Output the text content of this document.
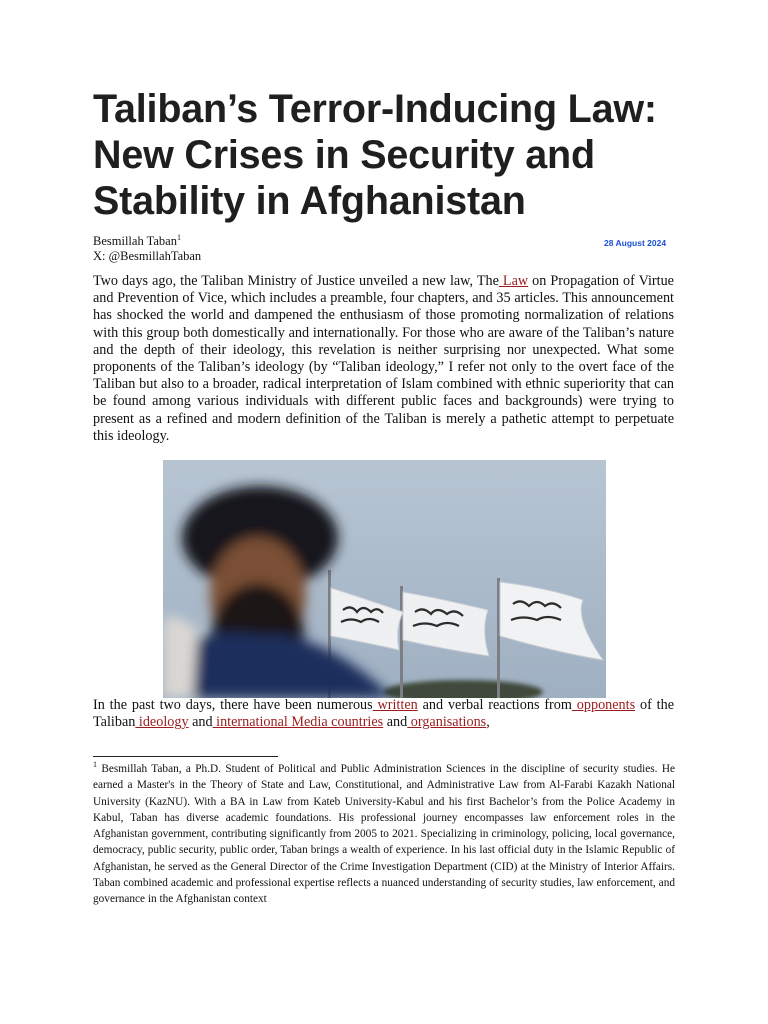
Taliban’s Terror-Inducing Law: New Crises in Security and Stability in Afghanistan
Besmillah Taban$^1$
X: @BesmillahTaban
28 August 2024

Two days ago, the Taliban Ministry of Justice unveiled a new law, The Law on Propagation of Virtue and Prevention of Vice, which includes a preamble, four chapters, and 35 articles. This announcement has shocked the world and dampened the enthusiasm of those promoting normalization of relations with this group both domestically and internationally. For those who are aware of the Taliban’s nature and the depth of their ideology, this revelation is neither surprising nor unexpected. What some proponents of the Taliban’s ideology (by “Taliban ideology,” I refer not only to the overt face of the Taliban but also to a broader, radical interpretation of Islam combined with ethnic superiority that can be found among various individuals with different public faces and backgrounds) were trying to present as a refined and modern definition of the Taliban is merely a pathetic attempt to perpetuate this ideology.

In the past two days, there have been numerous written and verbal reactions from opponents of the Taliban ideology and international Media countries and organisations,

$^1$ Besmillah Taban, a Ph.D. Student of Political and Public Administration Sciences in the discipline of security studies. He earned a Master's in the Theory of State and Law, Constitutional, and Administrative Law from Al-Farabi Kazakh National University (KazNU). With a BA in Law from Kateb University-Kabul and his first Bachelor’s from the Police Academy in Kabul, Taban has diverse academic foundations. His professional journey encompasses law enforcement roles in the Afghanistan government, contributing significantly from 2005 to 2021. Specializing in criminology, policing, local governance, democracy, public security, public order, Taban brings a wealth of experience. In his last official duty in the Islamic Republic of Afghanistan, he served as the General Director of the Crime Investigation Department (CID) at the Ministry of Interior Affairs. Taban combined academic and professional expertise reflects a nuanced understanding of security studies, law enforcement, and governance in the Afghanistan context
